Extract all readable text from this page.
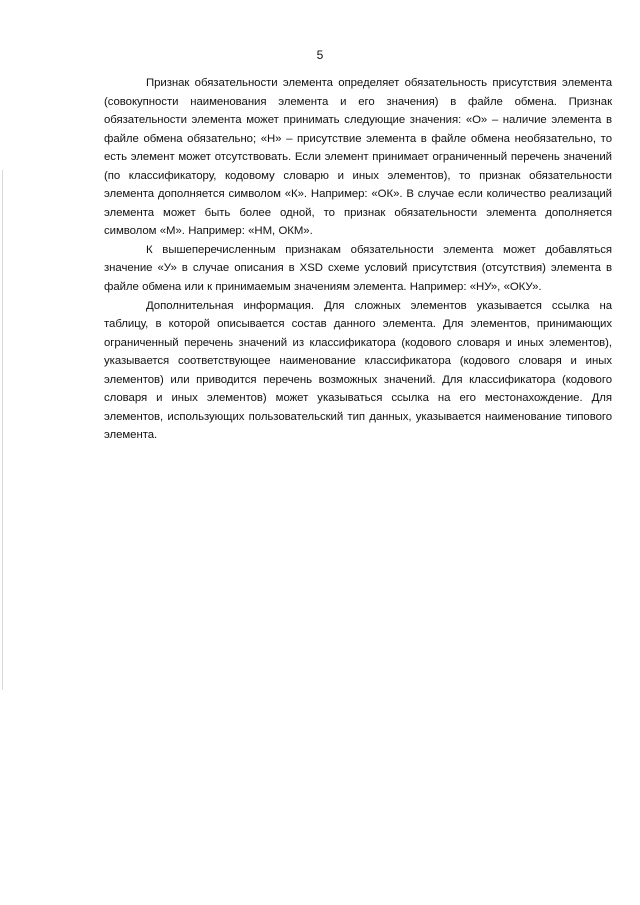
5

Признак обязательности элемента определяет обязательность присутствия элемента (совокупности наименования элемента и его значения) в файле обмена. Признак обязательности элемента может принимать следующие значения: «О» – наличие элемента в файле обмена обязательно; «Н» – присутствие элемента в файле обмена необязательно, то есть элемент может отсутствовать. Если элемент принимает ограниченный перечень значений (по классификатору, кодовому словарю и иных элементов), то признак обязательности элемента дополняется символом «К». Например: «ОК». В случае если количество реализаций элемента может быть более одной, то признак обязательности элемента дополняется символом «М». Например: «НМ, ОКМ».

К вышеперечисленным признакам обязательности элемента может добавляться значение «У» в случае описания в XSD схеме условий присутствия (отсутствия) элемента в файле обмена или к принимаемым значениям элемента. Например: «НУ», «ОКУ».

Дополнительная информация. Для сложных элементов указывается ссылка на таблицу, в которой описывается состав данного элемента. Для элементов, принимающих ограниченный перечень значений из классификатора (кодового словаря и иных элементов), указывается соответствующее наименование классификатора (кодового словаря и иных элементов) или приводится перечень возможных значений. Для классификатора (кодового словаря и иных элементов) может указываться ссылка на его местонахождение. Для элементов, использующих пользовательский тип данных, указывается наименование типового элемента.
